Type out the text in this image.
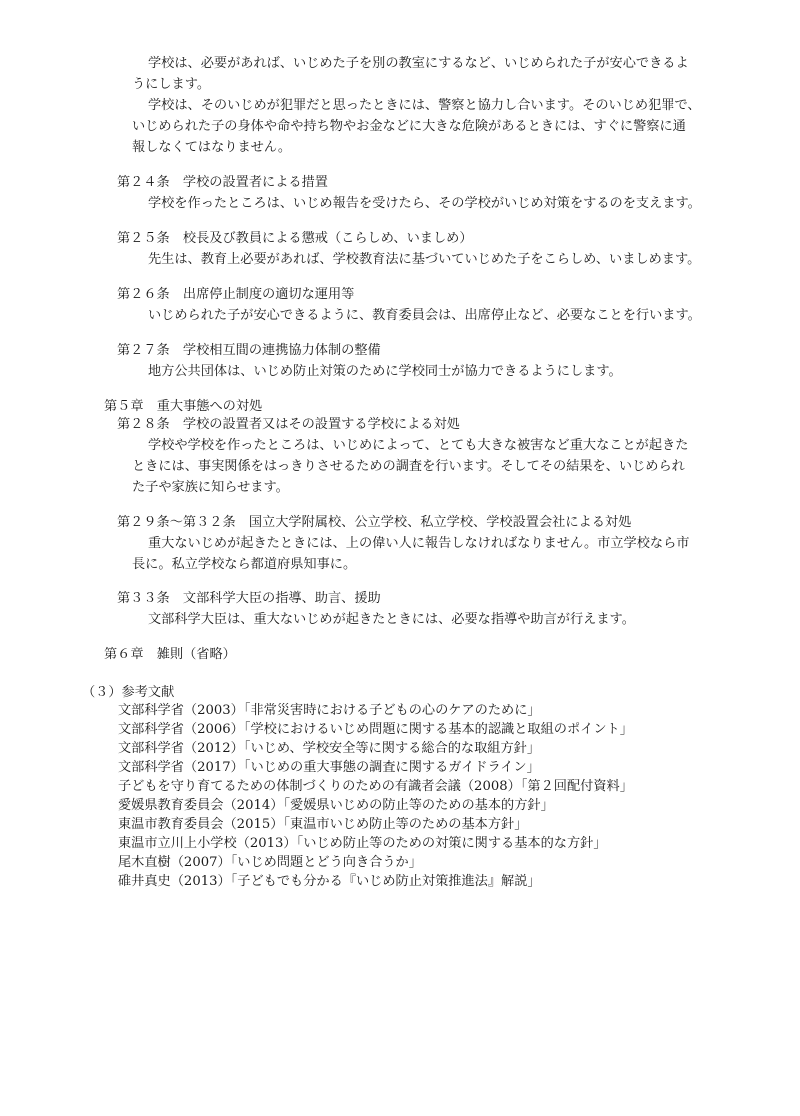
学校は、必要があれば、いじめた子を別の教室にするなど、いじめられた子が安心できるよ
うにします。
学校は、そのいじめが犯罪だと思ったときには、警察と協力し合います。そのいじめ犯罪で、
いじめられた子の身体や命や持ち物やお金などに大きな危険があるときには、すぐに警察に通
報しなくてはなりません。
第２４条　学校の設置者による措置
学校を作ったところは、いじめ報告を受けたら、その学校がいじめ対策をするのを支えます。
第２５条　校長及び教員による懲戒（こらしめ、いましめ）
先生は、教育上必要があれば、学校教育法に基づいていじめた子をこらしめ、いましめます。
第２６条　出席停止制度の適切な運用等
いじめられた子が安心できるように、教育委員会は、出席停止など、必要なことを行います。
第２７条　学校相互間の連携協力体制の整備
地方公共団体は、いじめ防止対策のために学校同士が協力できるようにします。
第５章　重大事態への対処
第２８条　学校の設置者又はその設置する学校による対処
学校や学校を作ったところは、いじめによって、とても大きな被害など重大なことが起きた
ときには、事実関係をはっきりさせるための調査を行います。そしてその結果を、いじめられ
た子や家族に知らせます。
第２９条～第３２条　国立大学附属校、公立学校、私立学校、学校設置会社による対処
重大ないじめが起きたときには、上の偉い人に報告しなければなりません。市立学校なら市
長に。私立学校なら都道府県知事に。
第３３条　文部科学大臣の指導、助言、援助
文部科学大臣は、重大ないじめが起きたときには、必要な指導や助言が行えます。
第６章　雑則（省略）
（３）参考文献
文部科学省（2003）「非常災害時における子どもの心のケアのために」
文部科学省（2006）「学校におけるいじめ問題に関する基本的認識と取組のポイント」
文部科学省（2012）「いじめ、学校安全等に関する総合的な取組方針」
文部科学省（2017）「いじめの重大事態の調査に関するガイドライン」
子どもを守り育てるための体制づくりのための有識者会議（2008）「第２回配付資料」
愛媛県教育委員会（2014）「愛媛県いじめの防止等のための基本的方針」
東温市教育委員会（2015）「東温市いじめ防止等のための基本方針」
東温市立川上小学校（2013）「いじめ防止等のための対策に関する基本的な方針」
尾木直樹（2007）「いじめ問題とどう向き合うか」
碓井真史（2013）「子どもでも分かる『いじめ防止対策推進法』解説」
